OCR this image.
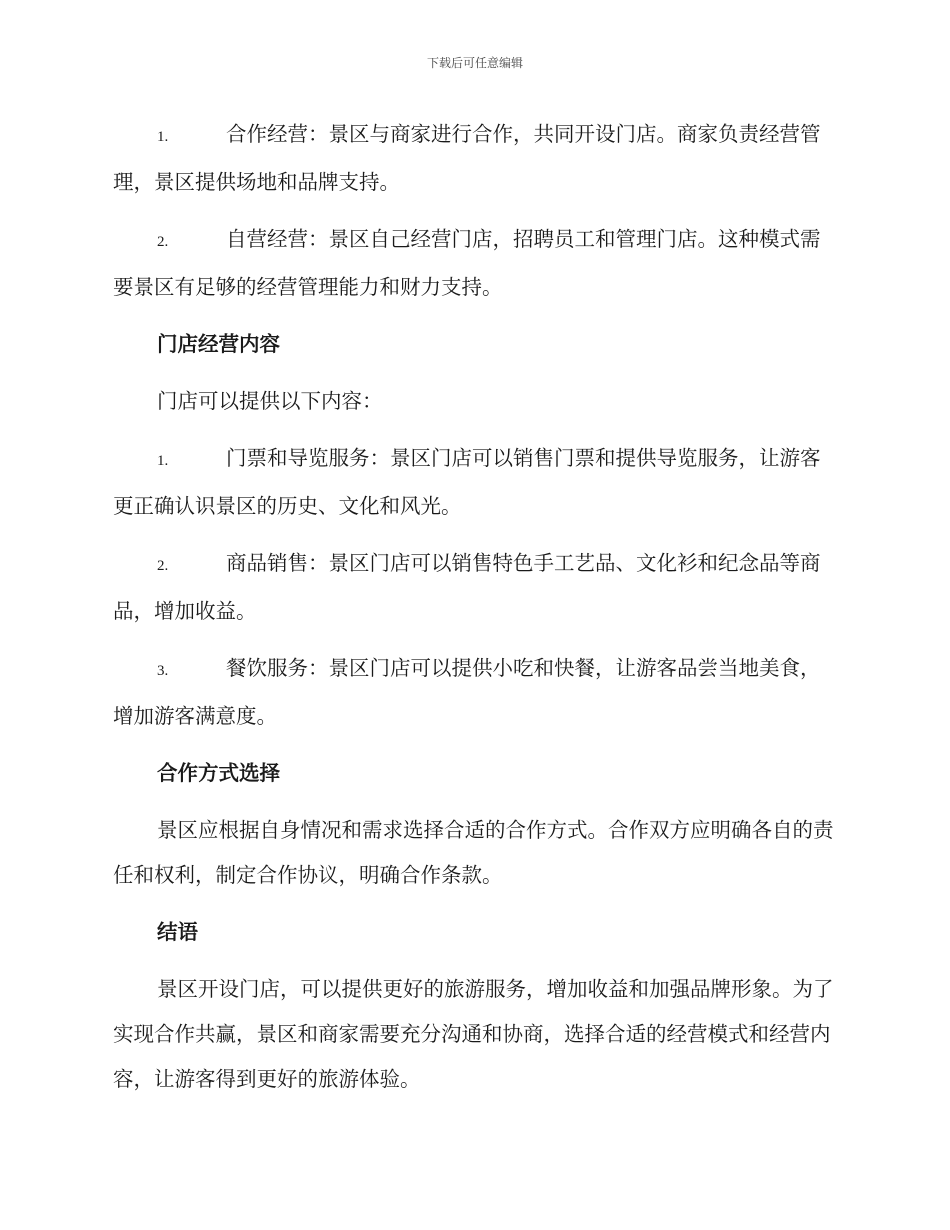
下载后可任意编辑

1.	合作经营：景区与商家进行合作，共同开设门店。商家负责经营管理，景区提供场地和品牌支持。

2.	自营经营：景区自己经营门店，招聘员工和管理门店。这种模式需要景区有足够的经营管理能力和财力支持。

门店经营内容

门店可以提供以下内容：

1.	门票和导览服务：景区门店可以销售门票和提供导览服务，让游客更正确认识景区的历史、文化和风光。

2.	商品销售：景区门店可以销售特色手工艺品、文化衫和纪念品等商品，增加收益。

3.	餐饮服务：景区门店可以提供小吃和快餐，让游客品尝当地美食，增加游客满意度。

合作方式选择

景区应根据自身情况和需求选择合适的合作方式。合作双方应明确各自的责任和权利，制定合作协议，明确合作条款。

结语

景区开设门店，可以提供更好的旅游服务，增加收益和加强品牌形象。为了实现合作共赢，景区和商家需要充分沟通和协商，选择合适的经营模式和经营内容，让游客得到更好的旅游体验。
